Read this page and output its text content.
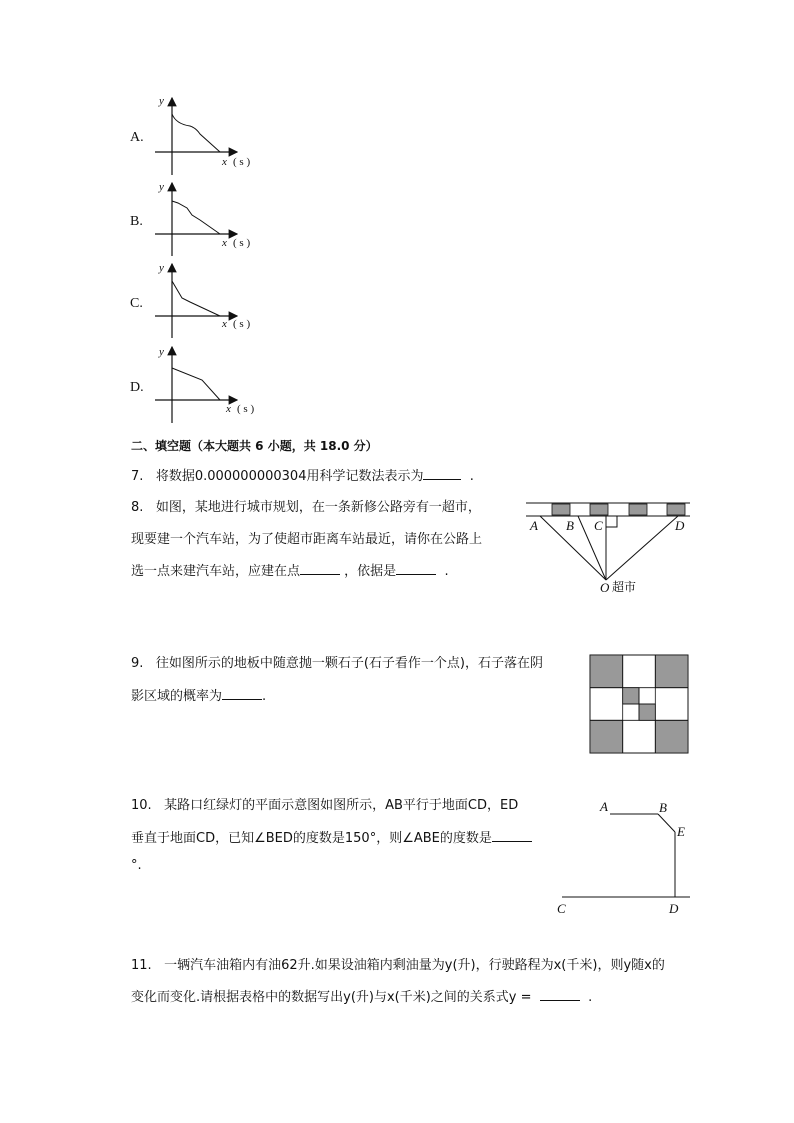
A.
y
x ( s )
B.
y
x ( s )
C.
y
x ( s )
D.
y
x ( s )
二、填空题（本大题共 6 小题，共 18.0 分）
7. 将数据0.000000000304用科学记数法表示为	.
8. 如图，某地进行城市规划，在一条新修公路旁有一超市，
现要建一个汽车站，为了使超市距离车站最近，请你在公路上
选一点来建汽车站，应建在点	，依据是	.
A B C	D
O 超市
9. 往如图所示的地板中随意抛一颗石子(石子看作一个点)，石子落在阴
影区域的概率为	.
10. 某路口红绿灯的平面示意图如图所示，AB平行于地面CD，ED
垂直于地面CD，已知∠BED的度数是150°，则∠ABE的度数是
°.
A	B
E
C	D
11. 一辆汽车油箱内有油62升.如果设油箱内剩油量为y(升)，行驶路程为x(千米)，则y随x的
变化而变化.请根据表格中的数据写出y(升)与x(千米)之间的关系式y =	.
